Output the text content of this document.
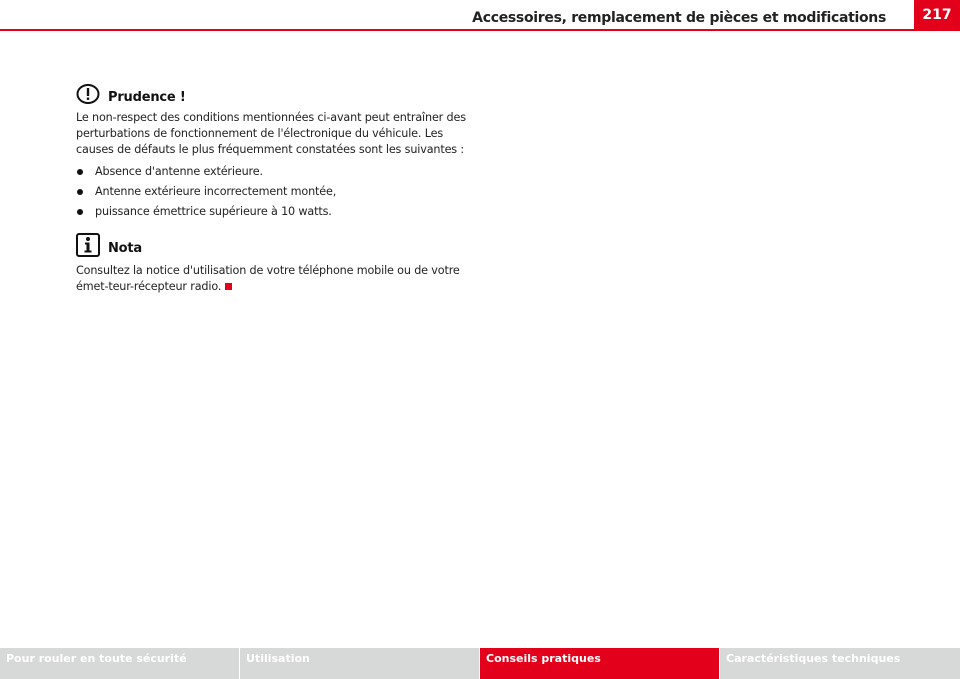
Accessoires, remplacement de pièces et modifications	217
Prudence !

Le non-respect des conditions mentionnées ci-avant peut entraîner des perturbations de fonctionnement de l'électronique du véhicule. Les causes de défauts le plus fréquemment constatées sont les suivantes :

Absence d'antenne extérieure.
Antenne extérieure incorrectement montée,
puissance émettrice supérieure à 10 watts.
Nota

Consultez la notice d'utilisation de votre téléphone mobile ou de votre émet-teur-récepteur radio.

Pour rouler en toute sécurité	Utilisation	Conseils pratiques	Caractéristiques techniques
